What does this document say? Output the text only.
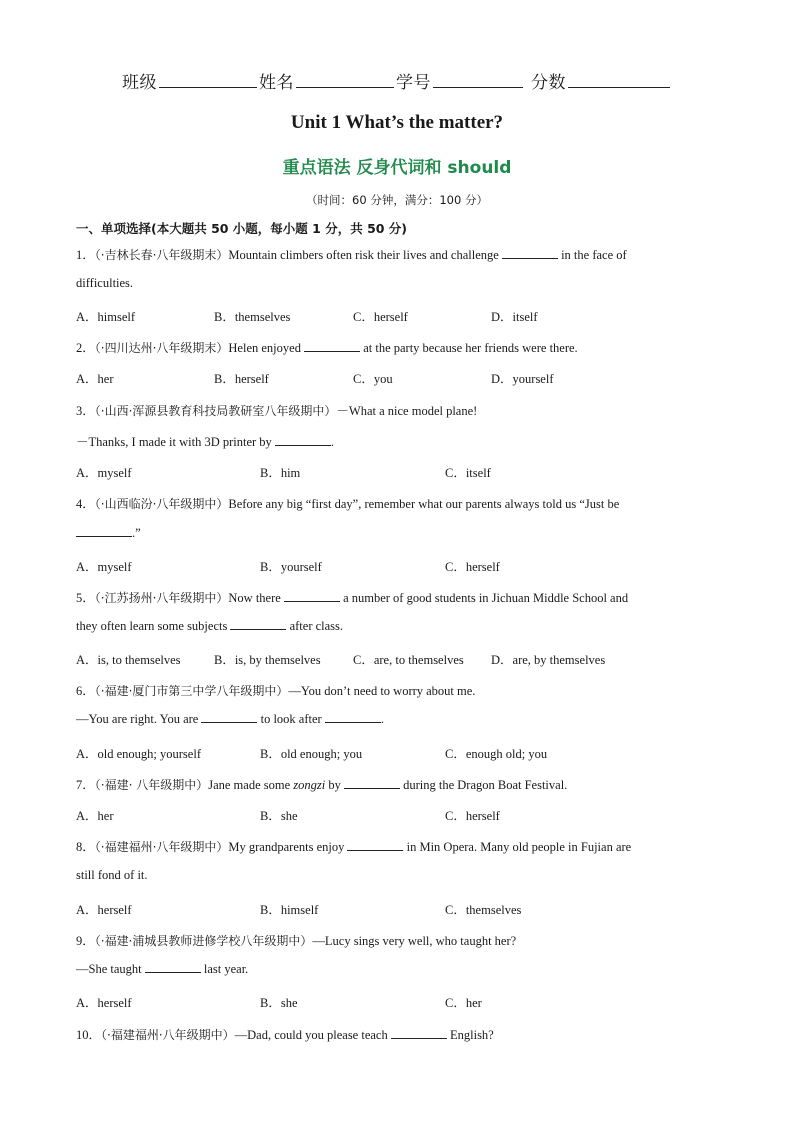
班级	姓名	学号	分数
Unit 1 What’s the matter?
重点语法 反身代词和 should
（时间：60 分钟，满分：100 分）
一、单项选择(本大题共 50 小题，每小题 1 分，共 50 分)
1．（·吉林长春·八年级期末）Mountain climbers often risk their lives and challenge	in the face of
difficulties.
A．himself	B．themselves	C．herself	D．itself
2．（·四川达州·八年级期末）Helen enjoyed	at the party because her friends were there.
A．her	B．herself	C．you	D．yourself
3．（·山西·浑源县教育科技局教研室八年级期中）－What a nice model plane!
－Thanks, I made it with 3D printer by	.
A．myself	B．him	C．itself
4．（·山西临汾·八年级期中）Before any big “first day”, remember what our parents always told us “Just be
.”
A．myself	B．yourself	C．herself
5．（·江苏扬州·八年级期中）Now there	a number of good students in Jichuan Middle School and
they often learn some subjects	after class.
A．is, to themselves	B．is, by themselves	C．are, to themselves D．are, by themselves
6．（·福建·厦门市第三中学八年级期中）—You don’t need to worry about me.
—You are right. You are	to look after	.
A．old enough; yourself	B．old enough; you	C．enough old; you
7．（·福建· 八年级期中）Jane made some zongzi by	during the Dragon Boat Festival.
A．her	B．she	C．herself
8．（·福建福州·八年级期中）My grandparents enjoy	in Min Opera. Many old people in Fujian are
still fond of it.
A．herself	B．himself	C．themselves
9．（·福建·浦城县教师进修学校八年级期中）—Lucy sings very well, who taught her?
—She taught	last year.
A．herself	B．she	C．her
10．（·福建福州·八年级期中）—Dad, could you please teach	English?
